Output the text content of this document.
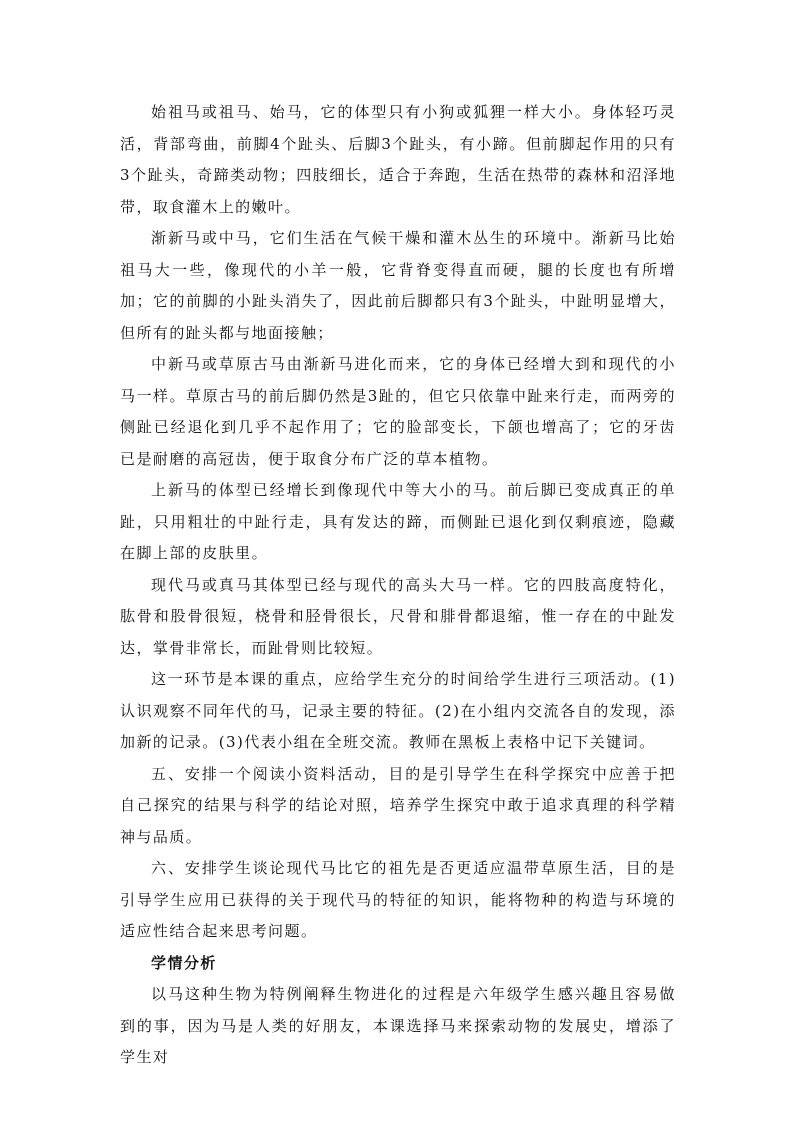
始祖马或祖马、始马，它的体型只有小狗或狐狸一样大小。身体轻巧灵活，背部弯曲，前脚4个趾头、后脚3个趾头，有小蹄。但前脚起作用的只有3个趾头，奇蹄类动物；四肢细长，适合于奔跑，生活在热带的森林和沼泽地带，取食灌木上的嫩叶。

渐新马或中马，它们生活在气候干燥和灌木丛生的环境中。渐新马比始祖马大一些，像现代的小羊一般，它背脊变得直而硬，腿的长度也有所增加；它的前脚的小趾头消失了，因此前后脚都只有3个趾头，中趾明显增大，但所有的趾头都与地面接触；

中新马或草原古马由渐新马进化而来，它的身体已经增大到和现代的小马一样。草原古马的前后脚仍然是3趾的，但它只依靠中趾来行走，而两旁的侧趾已经退化到几乎不起作用了；它的脸部变长，下颌也增高了；它的牙齿已是耐磨的高冠齿，便于取食分布广泛的草本植物。

上新马的体型已经增长到像现代中等大小的马。前后脚已变成真正的单趾，只用粗壮的中趾行走，具有发达的蹄，而侧趾已退化到仅剩痕迹，隐藏在脚上部的皮肤里。

现代马或真马其体型已经与现代的高头大马一样。它的四肢高度特化，肱骨和股骨很短，桡骨和胫骨很长，尺骨和腓骨都退缩，惟一存在的中趾发达，掌骨非常长，而趾骨则比较短。

这一环节是本课的重点，应给学生充分的时间给学生进行三项活动。(1)认识观察不同年代的马，记录主要的特征。(2)在小组内交流各自的发现，添加新的记录。(3)代表小组在全班交流。教师在黑板上表格中记下关键词。

五、安排一个阅读小资料活动，目的是引导学生在科学探究中应善于把自己探究的结果与科学的结论对照，培养学生探究中敢于追求真理的科学精神与品质。

六、安排学生谈论现代马比它的祖先是否更适应温带草原生活，目的是引导学生应用已获得的关于现代马的特征的知识，能将物种的构造与环境的适应性结合起来思考问题。

学情分析

以马这种生物为特例阐释生物进化的过程是六年级学生感兴趣且容易做到的事，因为马是人类的好朋友，本课选择马来探索动物的发展史，增添了学生对
